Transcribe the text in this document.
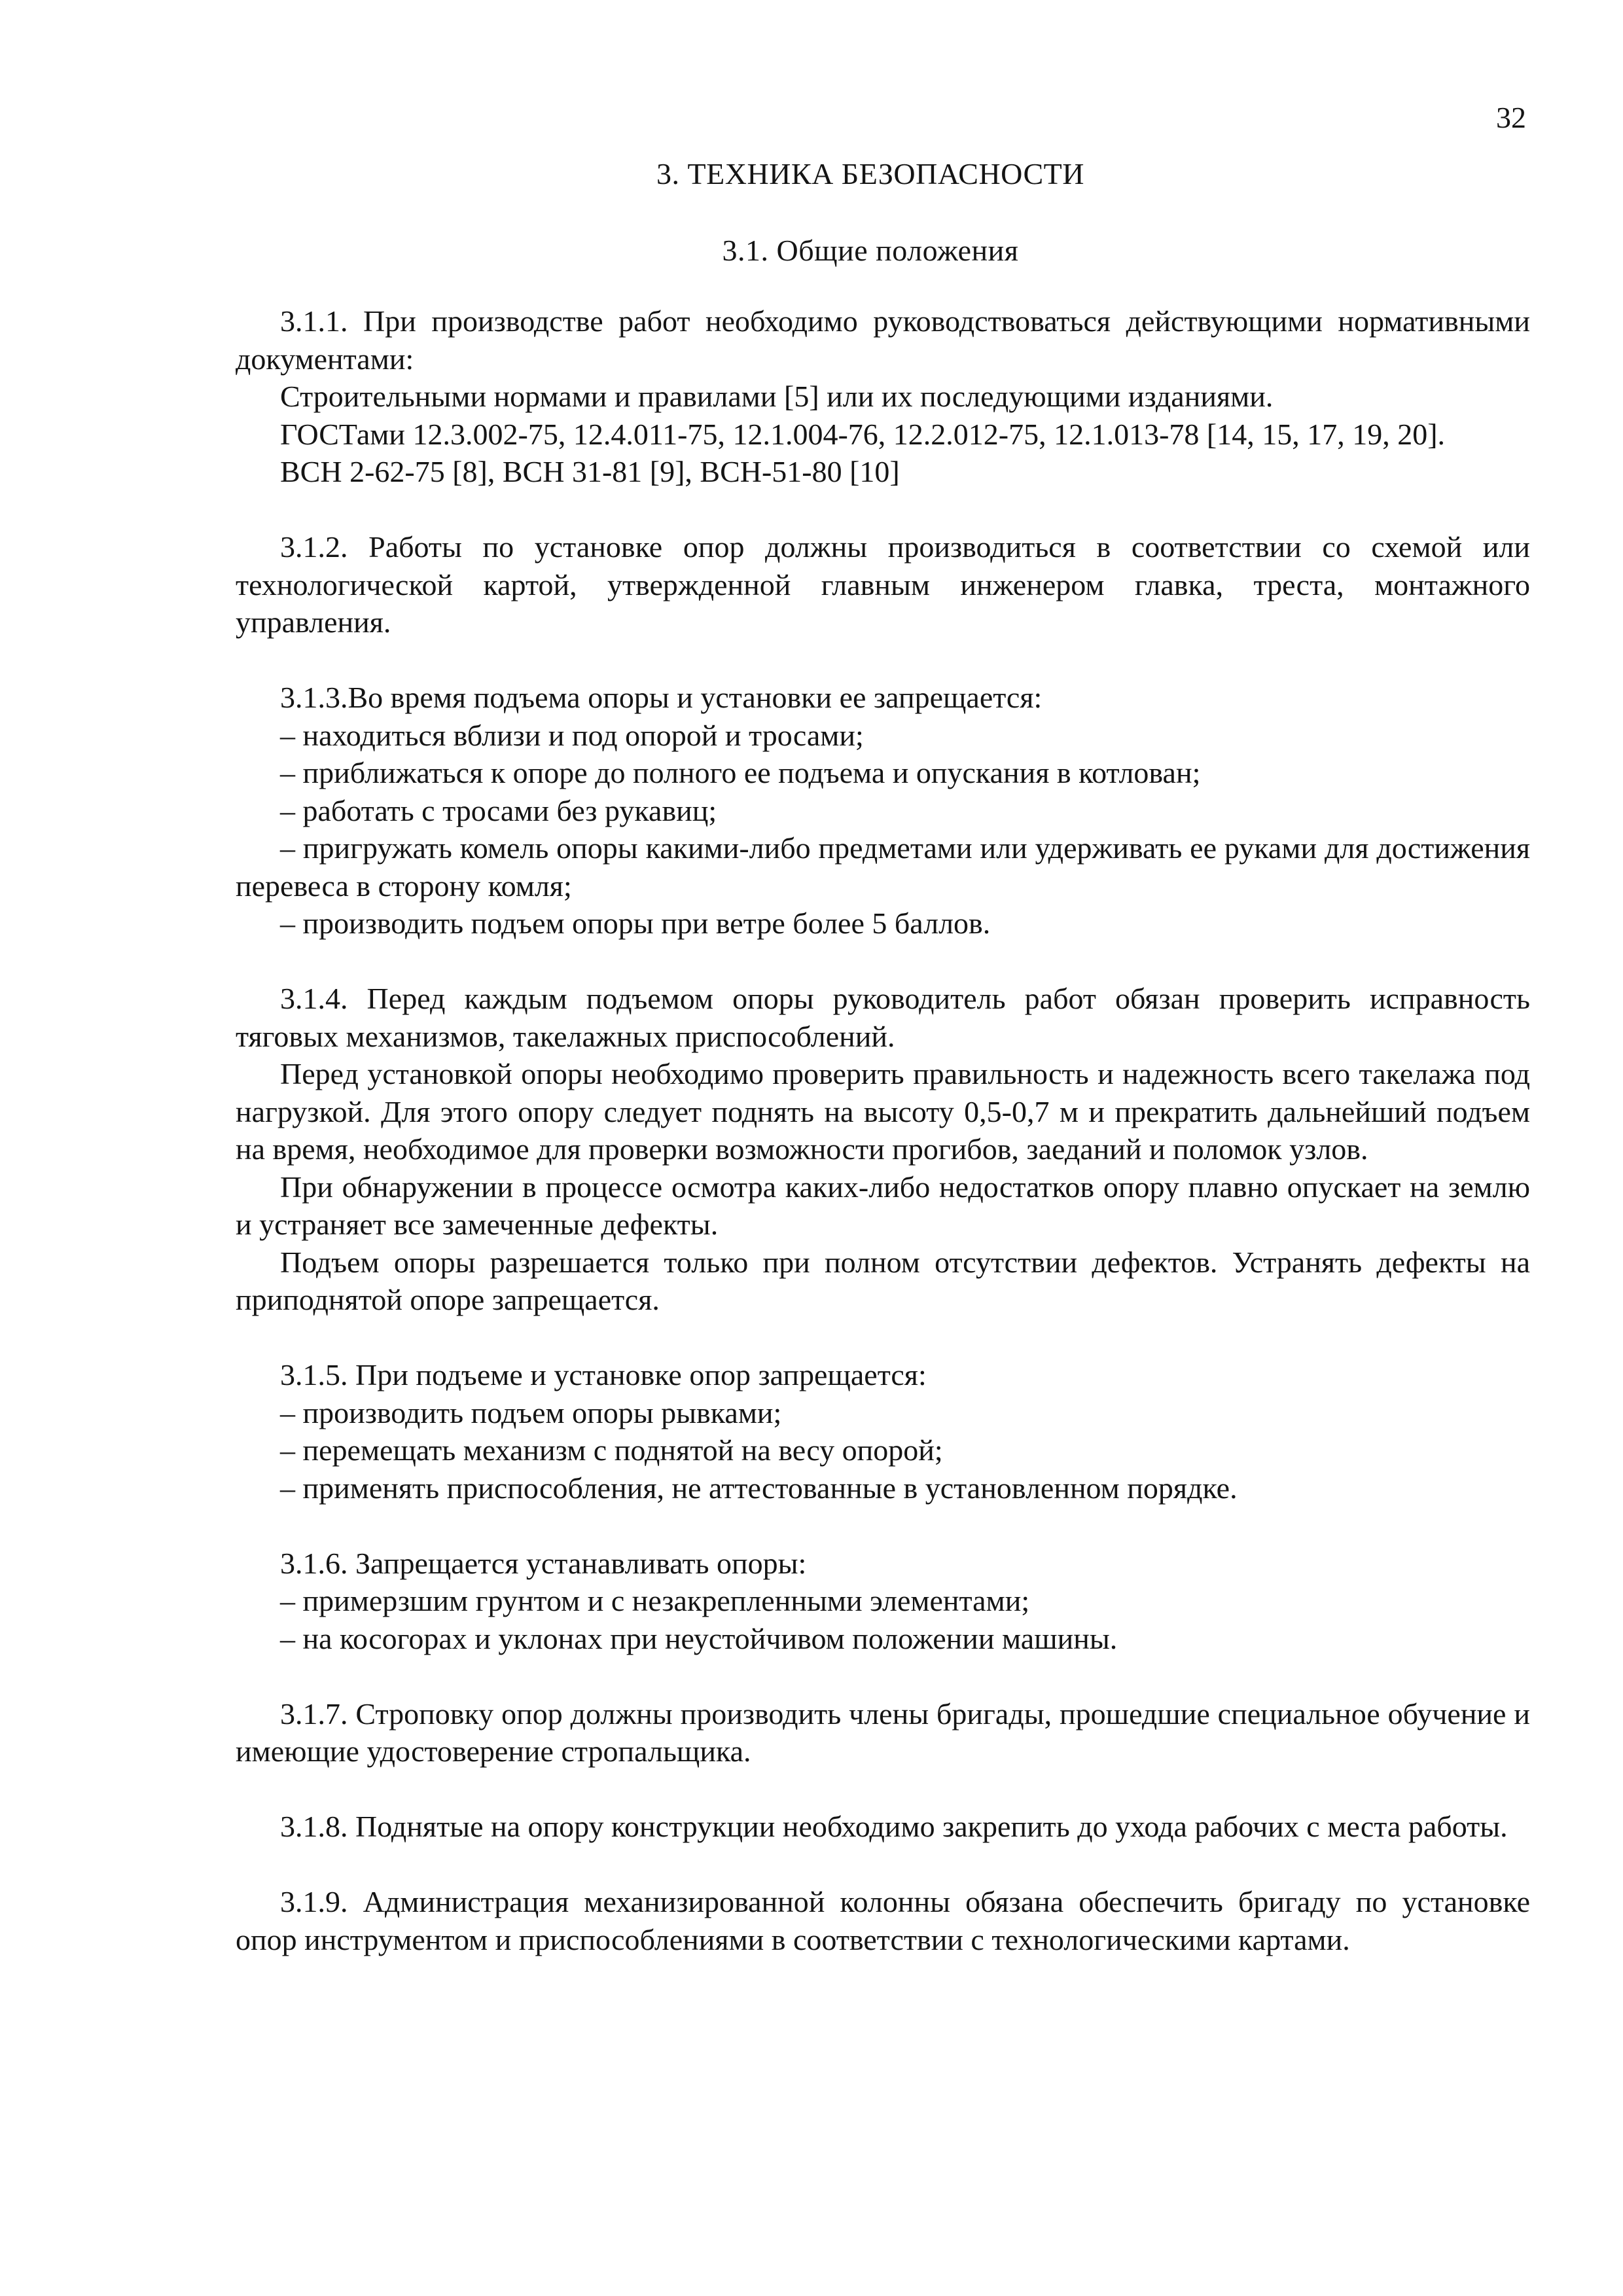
32
3. ТЕХНИКА БЕЗОПАСНОСТИ
3.1. Общие положения

3.1.1. При производстве работ необходимо руководствоваться действующими нормативными документами:

Строительными нормами и правилами [5] или их последующими изданиями.

ГОСТами 12.3.002-75, 12.4.011-75, 12.1.004-76, 12.2.012-75, 12.1.013-78 [14, 15, 17, 19, 20].

ВСН 2-62-75 [8], ВСН 31-81 [9], ВСН-51-80 [10]

3.1.2. Работы по установке опор должны производиться в соответствии со схемой или технологической картой, утвержденной главным инженером главка, треста, монтажного управления.

3.1.3.Во время подъема опоры и установки ее запрещается:

– находиться вблизи и под опорой и тросами;

– приближаться к опоре до полного ее подъема и опускания в котлован;

– работать с тросами без рукавиц;

– пригружать комель опоры какими-либо предметами или удерживать ее руками для достижения перевеса в сторону комля;

– производить подъем опоры при ветре более 5 баллов.

3.1.4. Перед каждым подъемом опоры руководитель работ обязан проверить исправность тяговых механизмов, такелажных приспособлений.

Перед установкой опоры необходимо проверить правильность и надежность всего такелажа под нагрузкой. Для этого опору следует поднять на высоту 0,5-0,7 м и прекратить дальнейший подъем на время, необходимое для проверки возможности прогибов, заеданий и поломок узлов.

При обнаружении в процессе осмотра каких-либо недостатков опору плавно опускает на землю и устраняет все замеченные дефекты.

Подъем опоры разрешается только при полном отсутствии дефектов. Устранять дефекты на приподнятой опоре запрещается.

3.1.5. При подъеме и установке опор запрещается:

– производить подъем опоры рывками;

– перемещать механизм с поднятой на весу опорой;

– применять приспособления, не аттестованные в установленном порядке.

3.1.6. Запрещается устанавливать опоры:

– примерзшим грунтом и с незакрепленными элементами;

– на косогорах и уклонах при неустойчивом положении машины.

3.1.7. Строповку опор должны производить члены бригады, прошедшие специальное обучение и имеющие удостоверение стропальщика.

3.1.8. Поднятые на опору конструкции необходимо закрепить до ухода рабочих с места работы.

3.1.9. Администрация механизированной колонны обязана обеспечить бригаду по установке опор инструментом и приспособлениями в соответствии с технологическими картами.
